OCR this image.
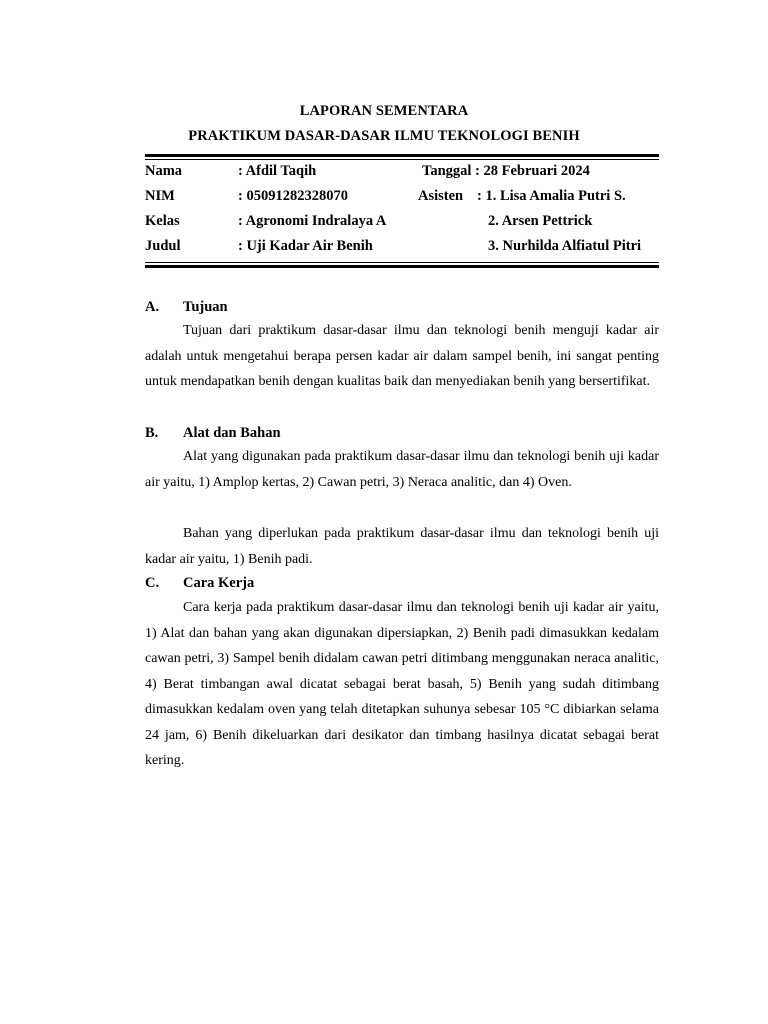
LAPORAN SEMENTARA
PRAKTIKUM DASAR-DASAR ILMU TEKNOLOGI BENIH
Nama	: Afdil Taqih	Tanggal : 28 Februari 2024
NIM	: 05091282328070	Asisten : 1. Lisa Amalia Putri S.
Kelas	: Agronomi Indralaya A	2. Arsen Pettrick
Judul	: Uji Kadar Air Benih	3. Nurhilda Alfiatul Pitri
A. Tujuan

Tujuan dari praktikum dasar-dasar ilmu dan teknologi benih menguji kadar air adalah untuk mengetahui berapa persen kadar air dalam sampel benih, ini sangat penting untuk mendapatkan benih dengan kualitas baik dan menyediakan benih yang bersertifikat.

B. Alat dan Bahan

Alat yang digunakan pada praktikum dasar-dasar ilmu dan teknologi benih uji kadar air yaitu, 1) Amplop kertas, 2) Cawan petri, 3) Neraca analitic, dan 4) Oven.

Bahan yang diperlukan pada praktikum dasar-dasar ilmu dan teknologi benih uji kadar air yaitu, 1) Benih padi.

C. Cara Kerja

Cara kerja pada praktikum dasar-dasar ilmu dan teknologi benih uji kadar air yaitu, 1) Alat dan bahan yang akan digunakan dipersiapkan, 2) Benih padi dimasukkan kedalam cawan petri, 3) Sampel benih didalam cawan petri ditimbang menggunakan neraca analitic, 4) Berat timbangan awal dicatat sebagai berat basah, 5) Benih yang sudah ditimbang dimasukkan kedalam oven yang telah ditetapkan suhunya sebesar 105 °C dibiarkan selama 24 jam, 6) Benih dikeluarkan dari desikator dan timbang hasilnya dicatat sebagai berat kering.
